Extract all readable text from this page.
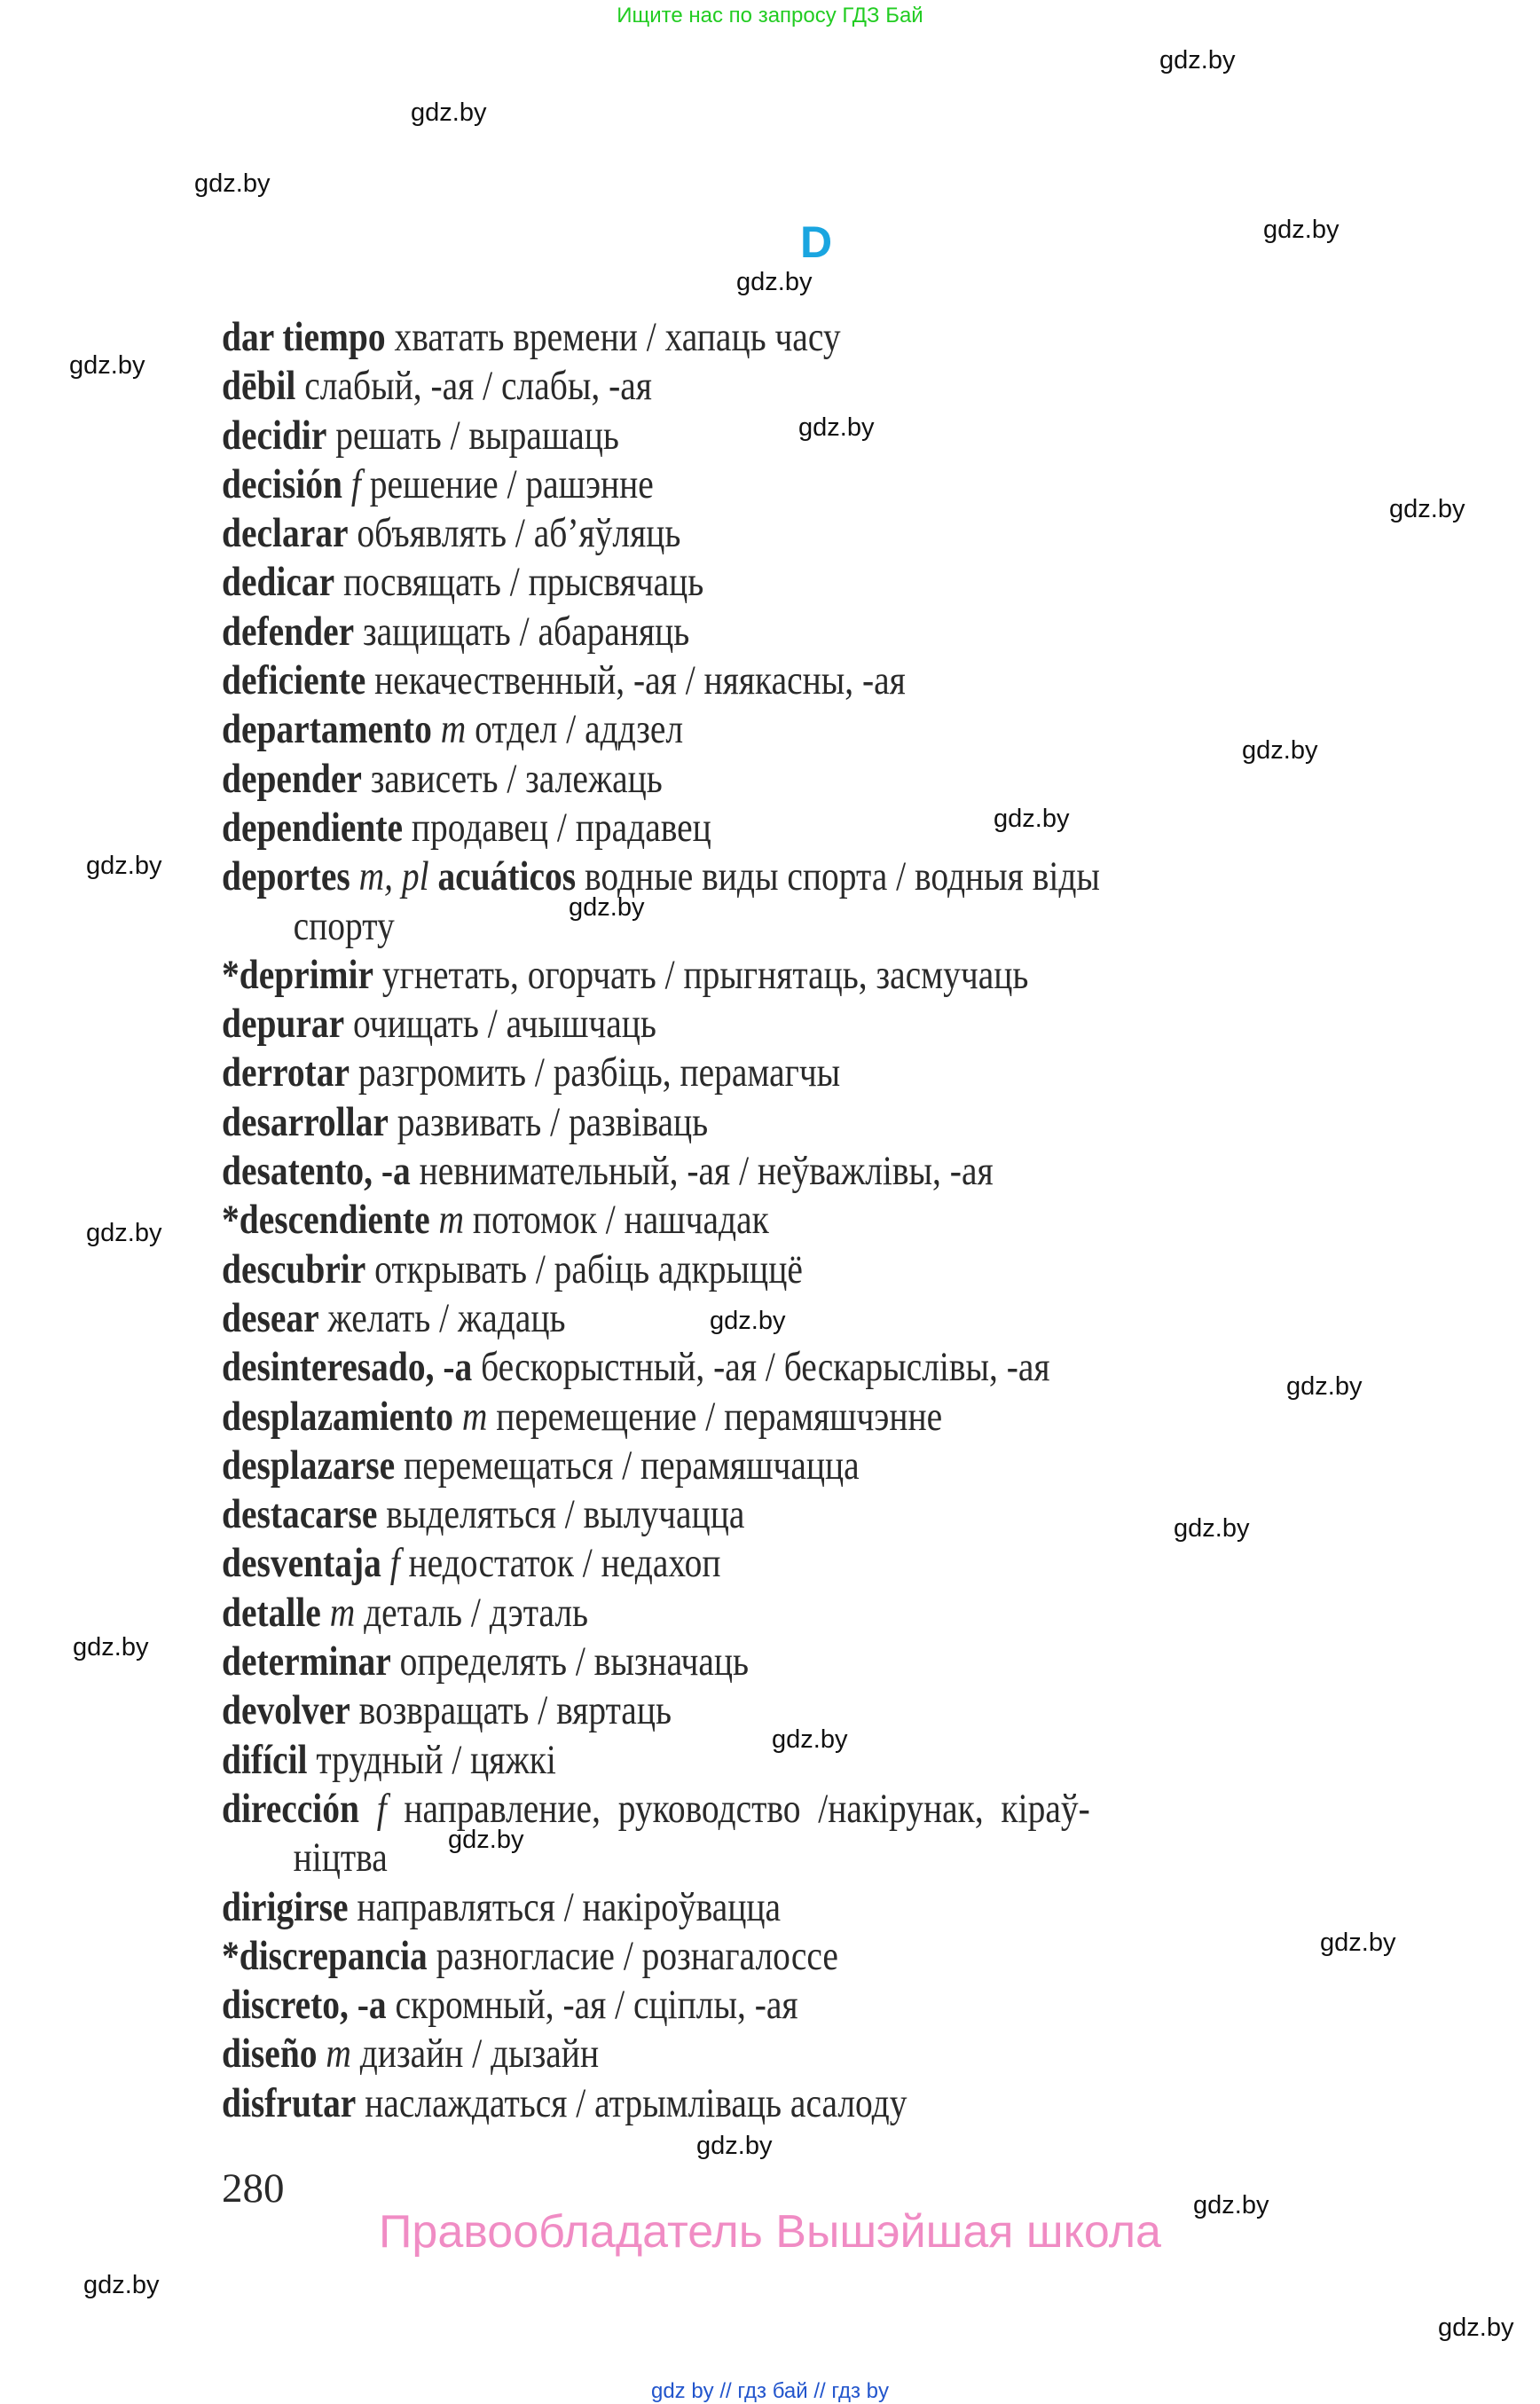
Ищите нас по запросу ГДЗ Бай
D
dar tiempo хватать времени / хапаць часу
dēbil слабый, -ая / слабы, -ая
decidir решать / выpaшaць
decisión f решение / рашэнне
declarar объявлять / аб’яўляць
dedicar посвящать / прысвячаць
defender защищать / абараняць
deficiente некачественный, -ая / няякасны, -ая
departamento m отдел / аддзел
depender зависеть / залежаць
dependiente продавец / прадавец
deportes m, pl acuáticos водные виды спорта / водныя віды
спорту
*deprimir угнетать, огорчать / прыгнятаць, засмучаць
depurar очищать / ачышчаць
derrotar разгромить / разбіць, перамагчы
desarrollar развивать / развіваць
desatento, -a невнимательный, -ая / неўважлівы, -ая
*descendiente m потомок / нашчадак
descubrir открывать / рабіць адкрыццё
desear желать / жадаць
desinteresado, -a бескорыстный, -ая / бескарыслівы, -ая
desplazamiento m перемещение / перамяшчэнне
desplazarse перемещаться / перамяшчацца
destacarse выделяться / вылучацца
desventaja f недостаток / недахоп
detalle m деталь / дэталь
determinar определять / вызначаць
devolver возвращать / вяртаць
difícil трудный / цяжкі
dirección f  направление,  руководство  /накірунак,  кіраў-
ніцтва
dirigirse направляться / накіроўвацца
*discrepancia разногласие / рознагалоссе
discreto, -a скромный, -ая / сціплы, -ая
diseño m дизайн / дызайн
disfrutar наслаждаться / атрымліваць асалоду
280
Правообладатель Вышэйшая школа
gdz by // гдз бай // гдз by
gdz.by
gdz.by
gdz.by
gdz.by
gdz.by
gdz.by
gdz.by
gdz.by
gdz.by
gdz.by
gdz.by
gdz.by
gdz.by
gdz.by
gdz.by
gdz.by
gdz.by
gdz.by
gdz.by
gdz.by
gdz.by
gdz.by
gdz.by
gdz.by
